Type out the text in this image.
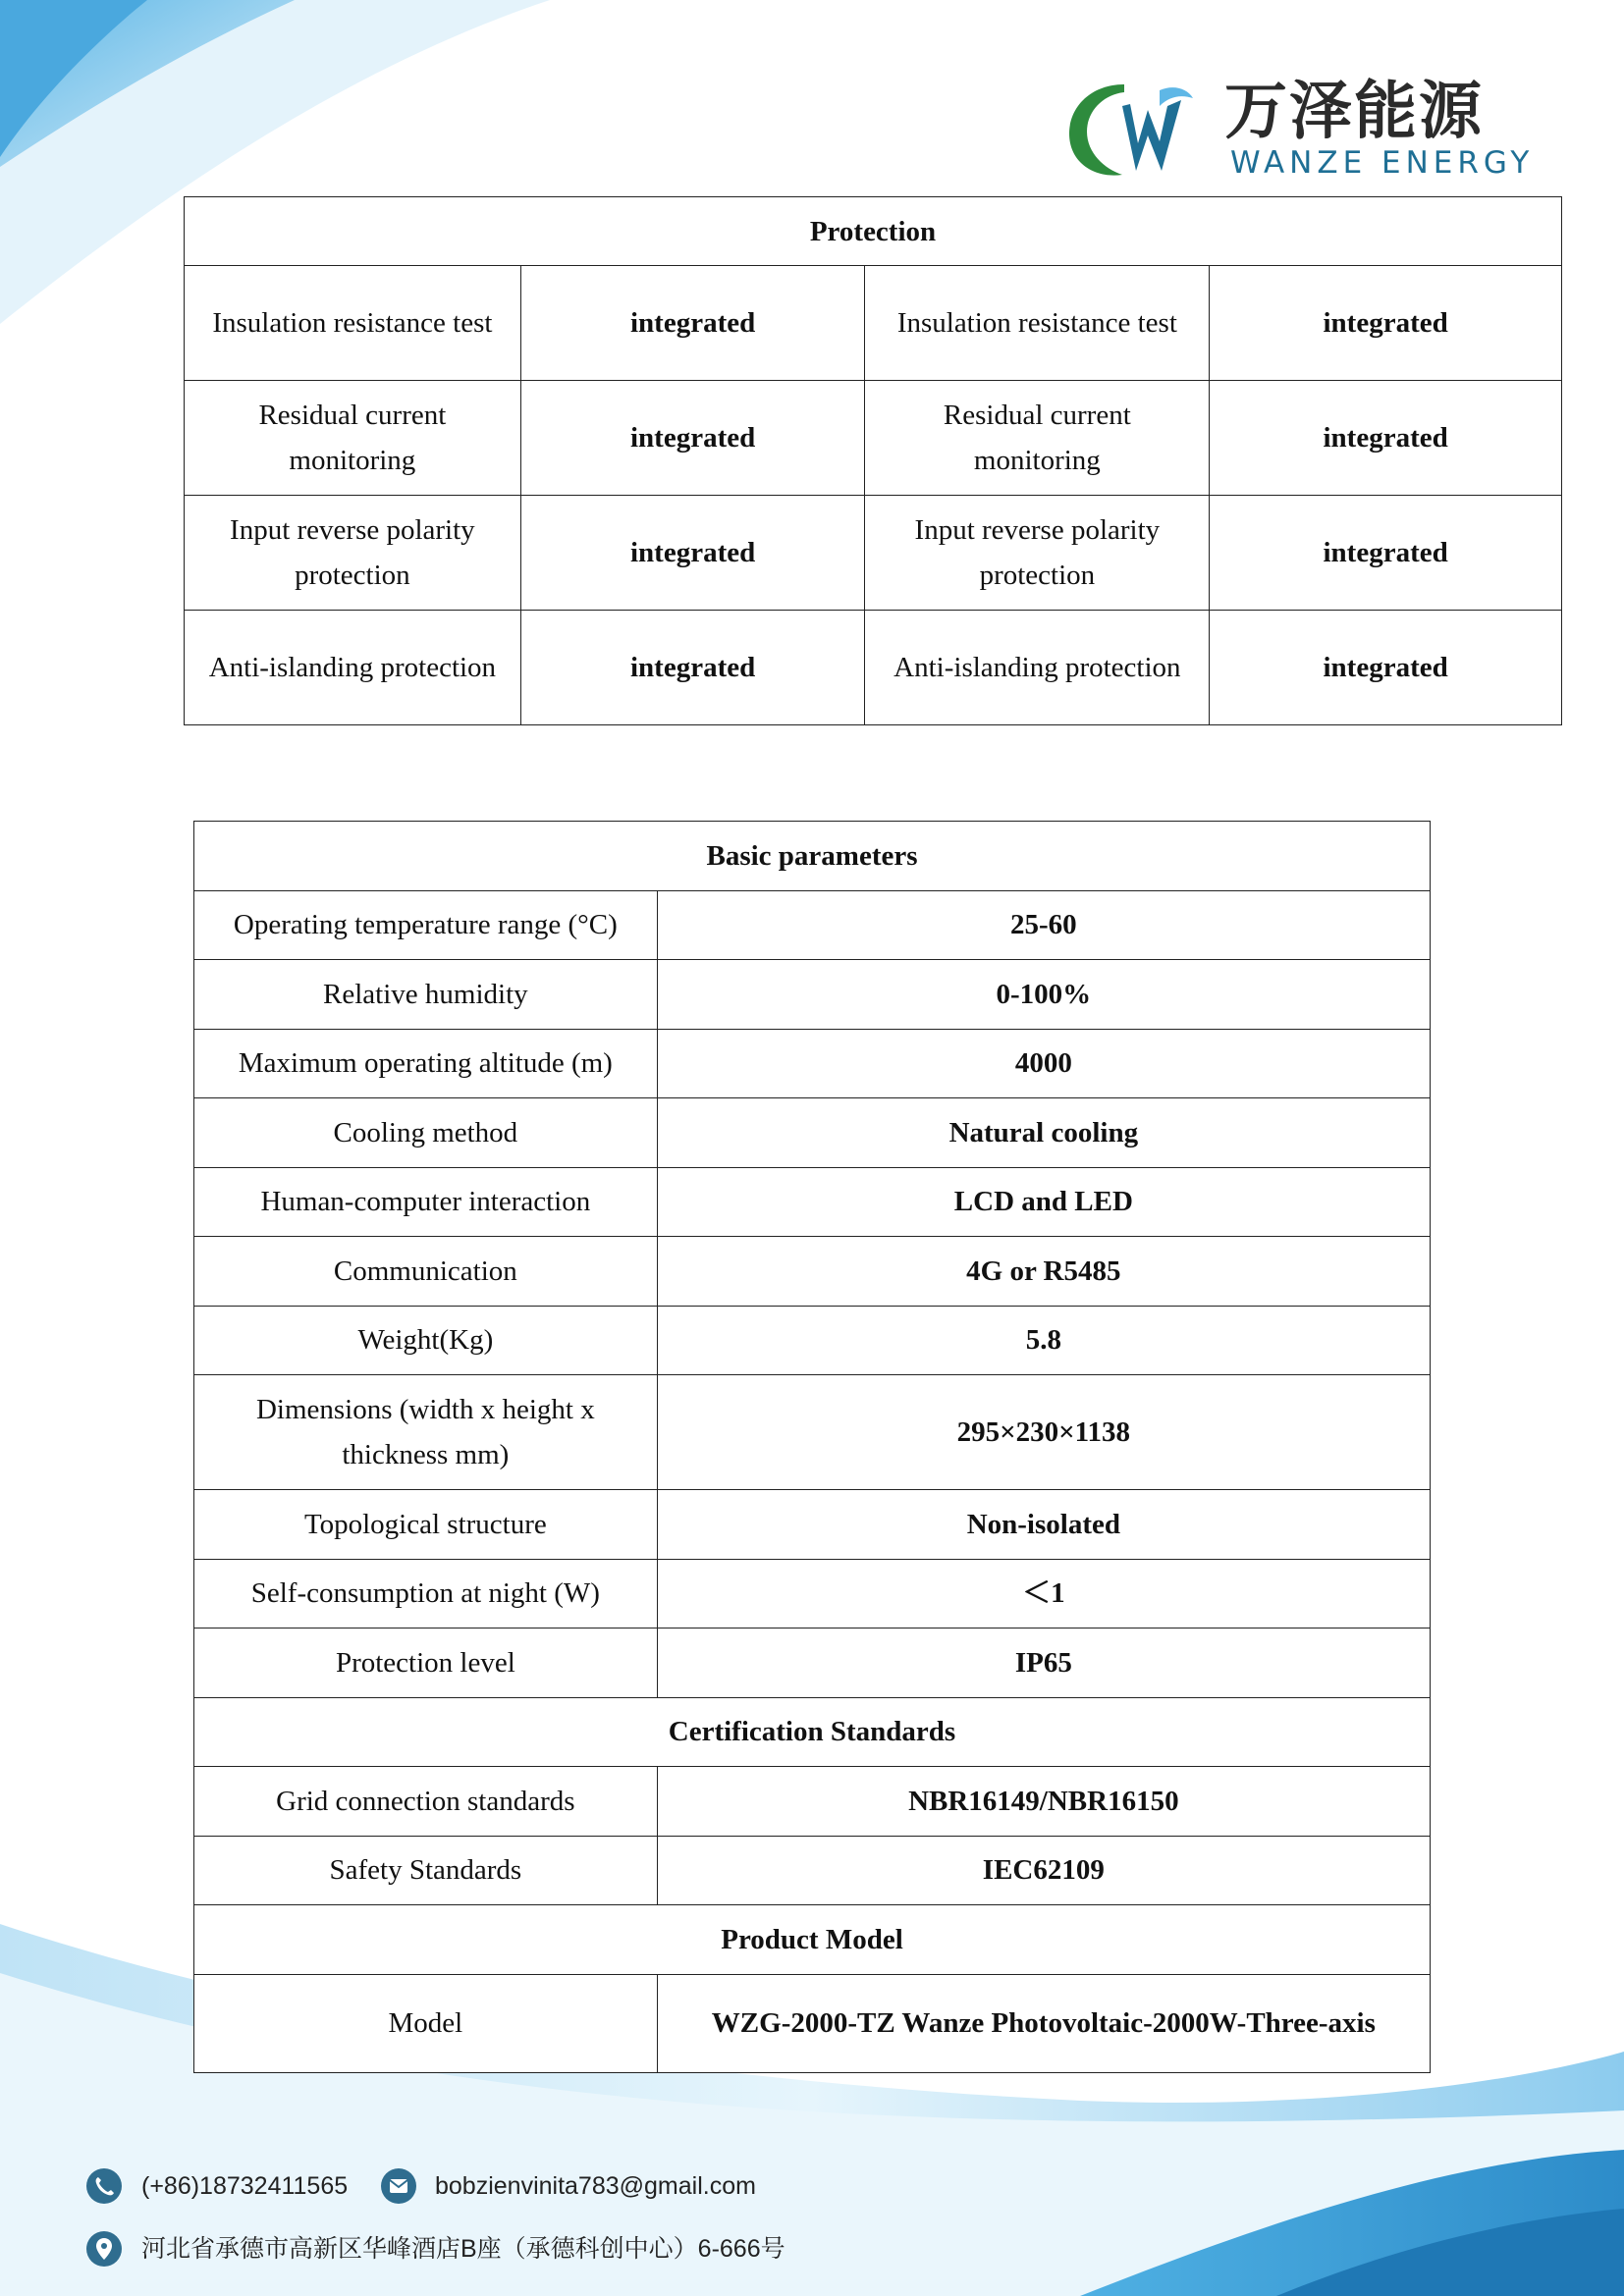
万泽能源
WANZE ENERGY
Protection			
Insulation resistance test	integrated	Insulation resistance test	integrated
Residual current monitoring	integrated	Residual current monitoring	integrated
Input reverse polarity protection	integrated	Input reverse polarity protection	integrated
Anti-islanding protection	integrated	Anti-islanding protection	integrated
Basic parameters	
Operating temperature range (°C)	25-60
Relative humidity	0-100%
Maximum operating altitude (m)	4000
Cooling method	Natural cooling
Human-computer interaction	LCD and LED
Communication	4G or R5485
Weight(Kg)	5.8
Dimensions (width x height x thickness mm)	295×230×1138
Topological structure	Non-isolated
Self-consumption at night (W)	＜1
Protection level	IP65
Certification Standards	
Grid connection standards	NBR16149/NBR16150
Safety Standards	IEC62109
Product Model	
Model	WZG-2000-TZ Wanze Photovoltaic-2000W-Three-axis
(+86)18732411565	bobzienvinita783@gmail.com
河北省承德市高新区华峰酒店B座（承德科创中心）6-666号
